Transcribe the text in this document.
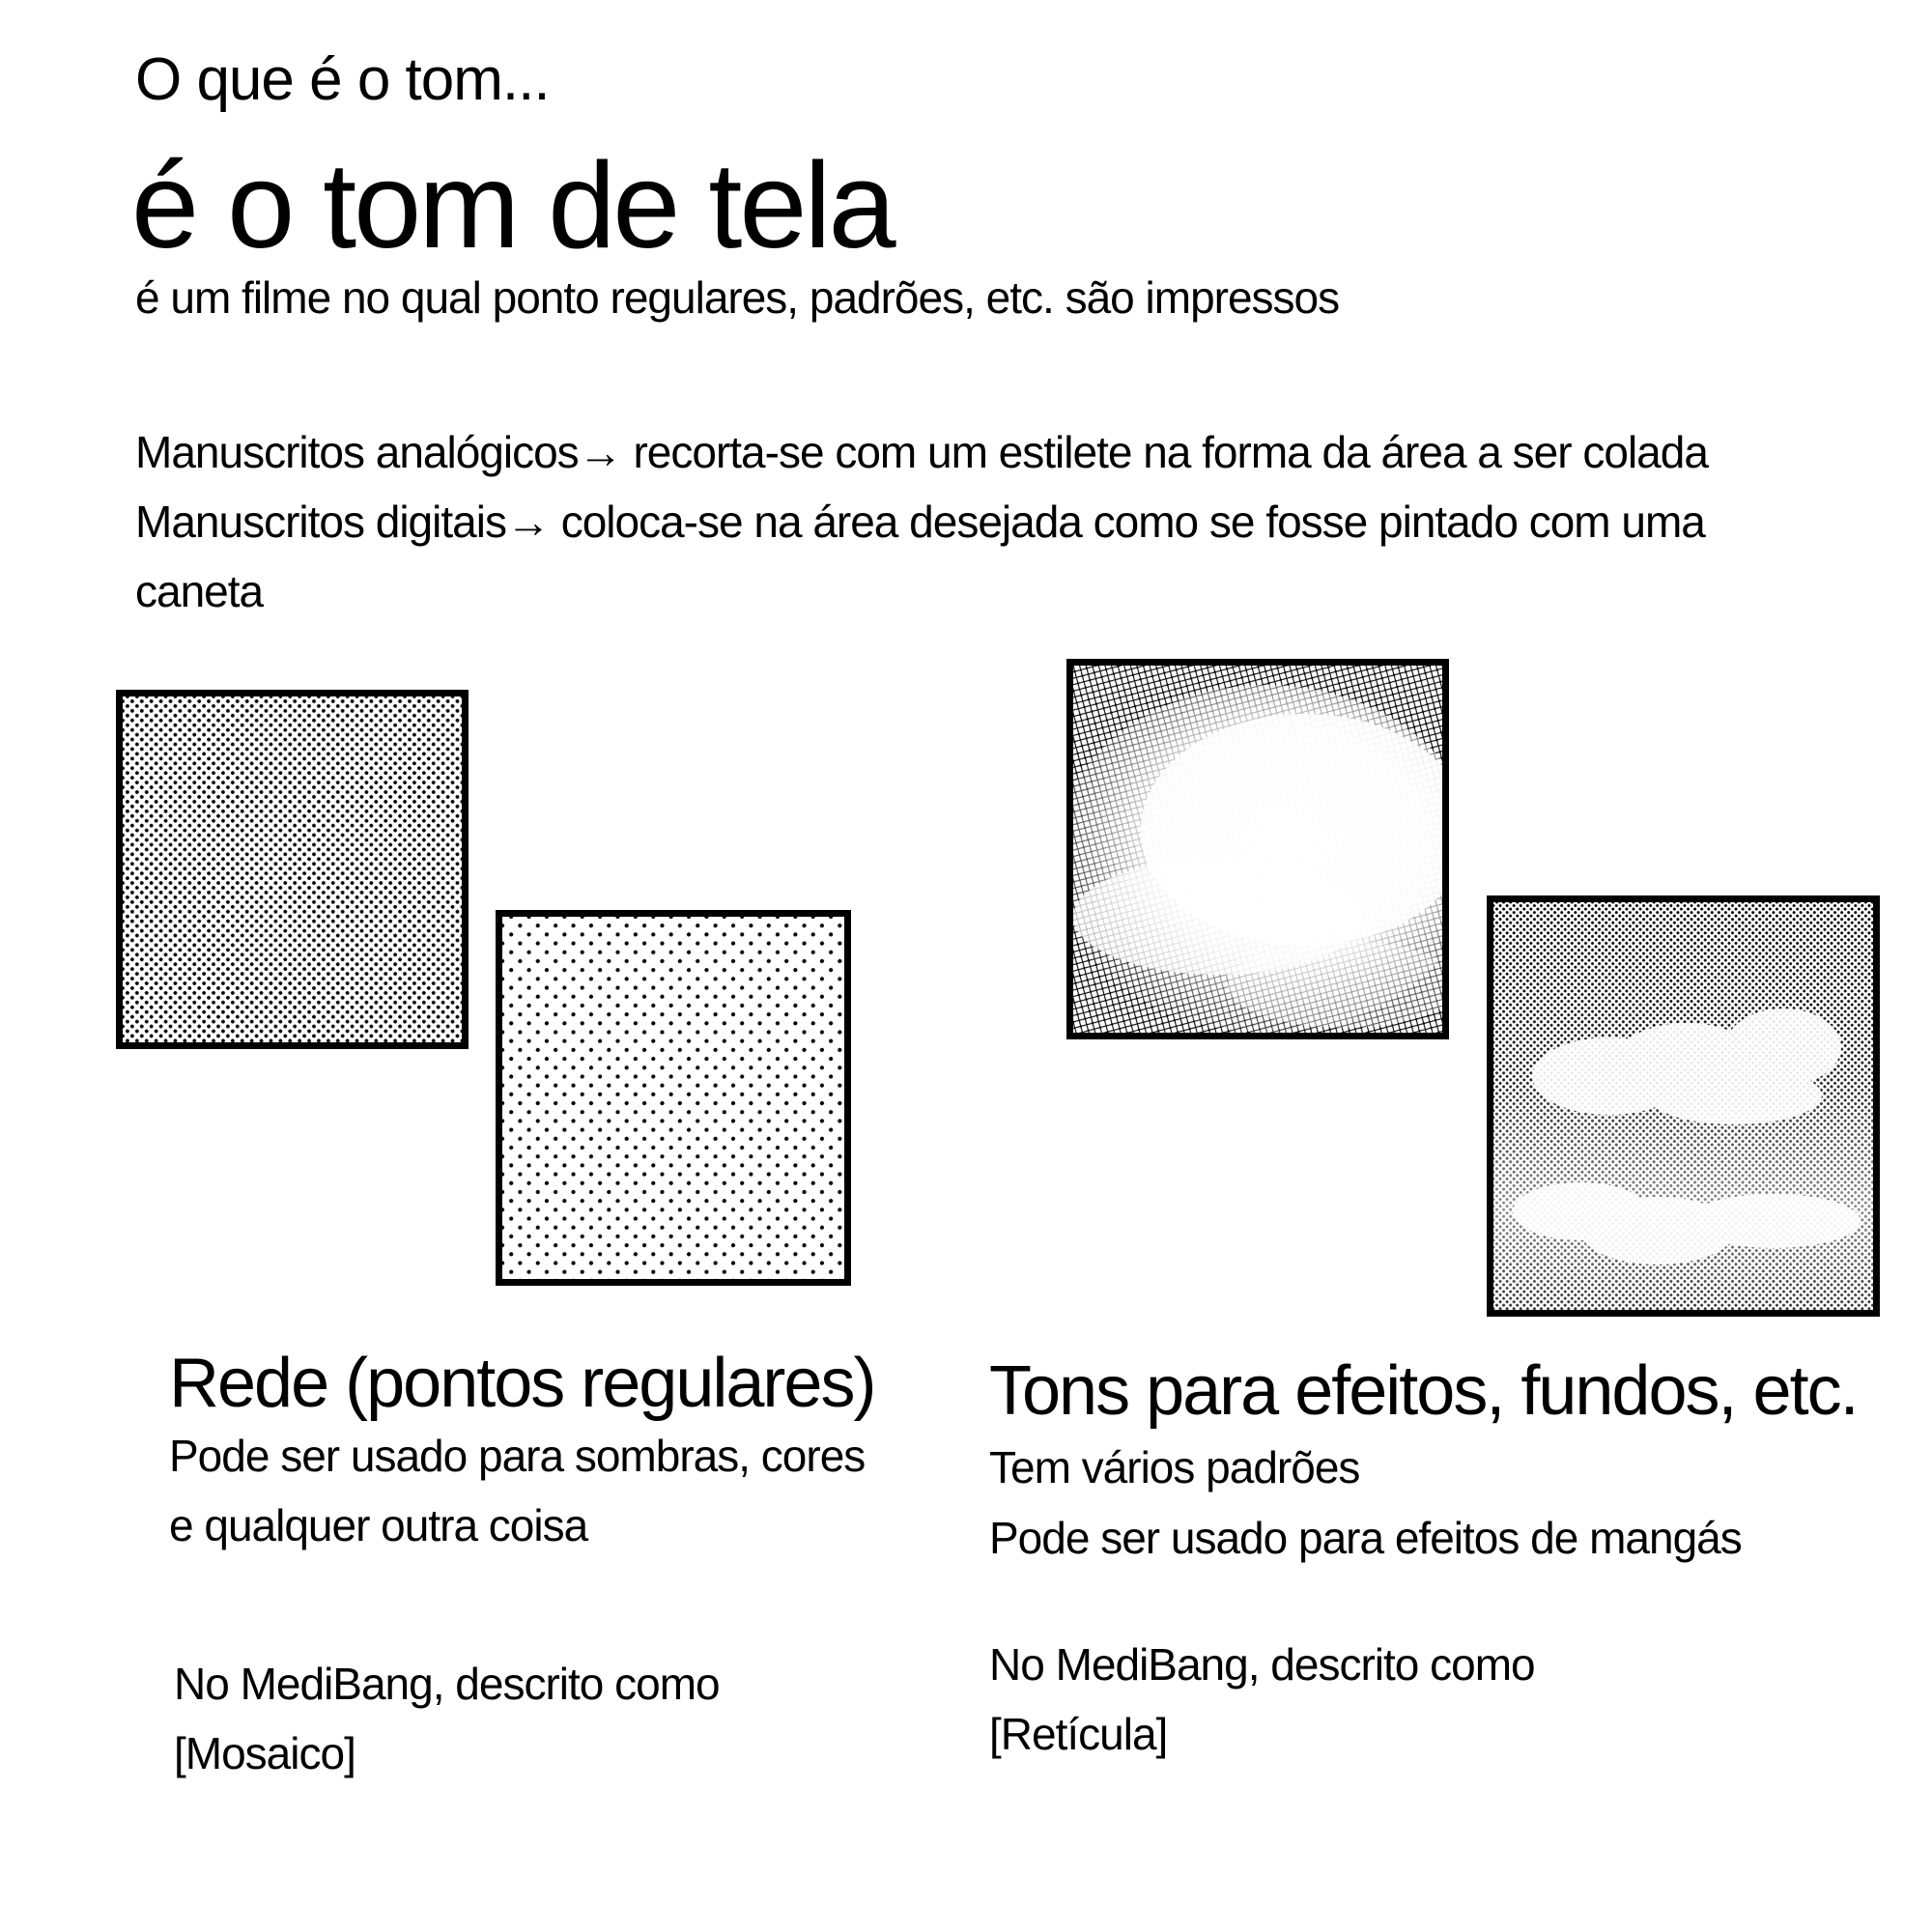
O que é o tom...
é o tom de tela
é um filme no qual ponto regulares, padrões, etc. são impressos
Manuscritos analógicos→ recorta-se com um estilete na forma da área a ser colada
Manuscritos digitais→ coloca-se na área desejada como se fosse pintado com uma
caneta
Rede (pontos regulares)
Pode ser usado para sombras, cores
e qualquer outra coisa
No MediBang, descrito como
[Mosaico]
Tons para efeitos, fundos, etc.
Tem vários padrões
Pode ser usado para efeitos de mangás
No MediBang, descrito como
[Retícula]
